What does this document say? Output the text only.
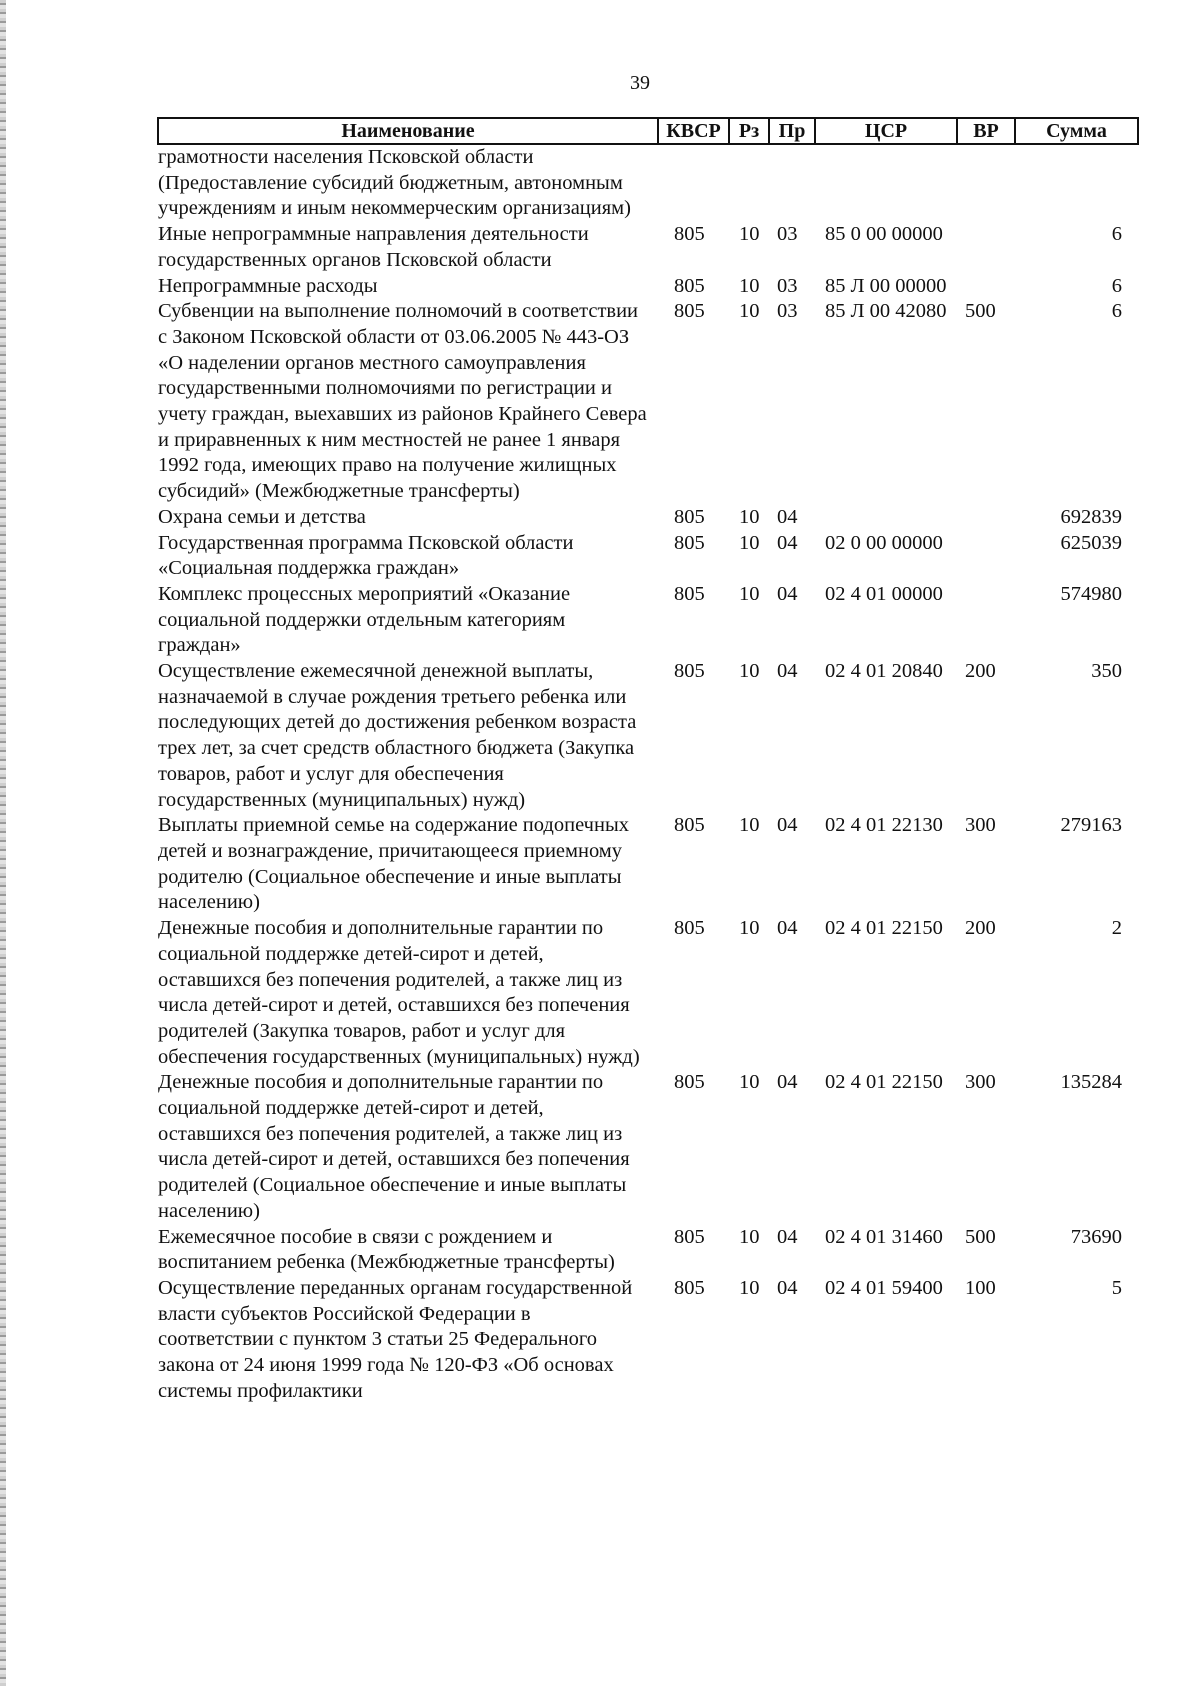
39
Наименование	КВСР	Рз	Пр	ЦСР	ВР	Сумма
грамотности населения Псковской области (Предоставление субсидий бюджетным, автономным учреждениям и иным некоммерческим организациям)						
Иные непрограммные направления деятельности государственных органов Псковской области	805	10	03	85 0 00 00000		6
Непрограммные расходы	805	10	03	85 Л 00 00000		6
Субвенции на выполнение полномочий в соответствии с Законом Псковской области от 03.06.2005 № 443-ОЗ «О наделении органов местного самоуправления государственными полномочиями по регистрации и учету граждан, выехавших из районов Крайнего Севера и приравненных к ним местностей не ранее 1 января 1992 года, имеющих право на получение жилищных субсидий» (Межбюджетные трансферты)	805	10	03	85 Л 00 42080	500	6
Охрана семьи и детства	805	10	04			692839
Государственная программа Псковской области «Социальная поддержка граждан»	805	10	04	02 0 00 00000		625039
Комплекс процессных мероприятий «Оказание социальной поддержки отдельным категориям граждан»	805	10	04	02 4 01 00000		574980
Осуществление ежемесячной денежной выплаты, назначаемой в случае рождения третьего ребенка или последующих детей до достижения ребенком возраста трех лет, за счет средств областного бюджета (Закупка товаров, работ и услуг для обеспечения государственных (муниципальных) нужд)	805	10	04	02 4 01 20840	200	350
Выплаты приемной семье на содержание подопечных детей и вознаграждение, причитающееся приемному родителю (Социальное обеспечение и иные выплаты населению)	805	10	04	02 4 01 22130	300	279163
Денежные пособия и дополнительные гарантии по социальной поддержке детей-сирот и детей, оставшихся без попечения родителей, а также лиц из числа детей-сирот и детей, оставшихся без попечения родителей (Закупка товаров, работ и услуг для обеспечения государственных (муниципальных) нужд)	805	10	04	02 4 01 22150	200	2
Денежные пособия и дополнительные гарантии по социальной поддержке детей-сирот и детей, оставшихся без попечения родителей, а также лиц из числа детей-сирот и детей, оставшихся без попечения родителей (Социальное обеспечение и иные выплаты населению)	805	10	04	02 4 01 22150	300	135284
Ежемесячное пособие в связи с рождением и воспитанием ребенка (Межбюджетные трансферты)	805	10	04	02 4 01 31460	500	73690
Осуществление переданных органам государственной власти субъектов Российской Федерации в соответствии с пунктом 3 статьи 25 Федерального закона от 24 июня 1999 года № 120-ФЗ «Об основах системы профилактики	805	10	04	02 4 01 59400	100	5
